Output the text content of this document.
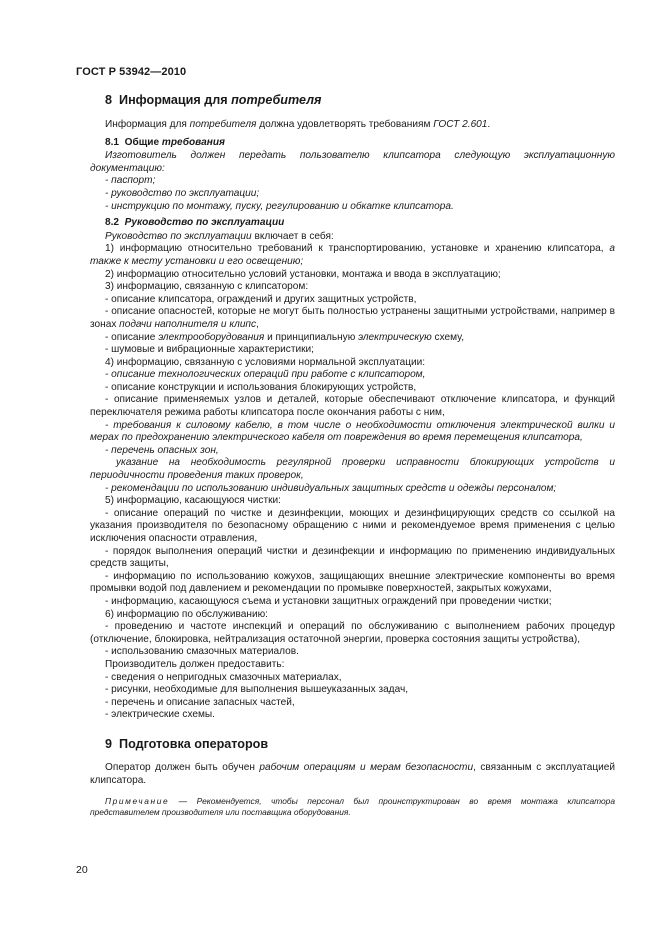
ГОСТ Р 53942—2010
8 Информация для потребителя

Информация для потребителя должна удовлетворять требованиям ГОСТ 2.601.

8.1 Общие требования

Изготовитель должен передать пользователю клипсатора следующую эксплуатационную документацию:

- паспорт;

- руководство по эксплуатации;

- инструкцию по монтажу, пуску, регулированию и обкатке клипсатора.

8.2 Руководство по эксплуатации

Руководство по эксплуатации включает в себя:

1) информацию относительно требований к транспортированию, установке и хранению клипсатора, а также к месту установки и его освещению;

2) информацию относительно условий установки, монтажа и ввода в эксплуатацию;

3) информацию, связанную с клипсатором:

- описание клипсатора, ограждений и других защитных устройств,

- описание опасностей, которые не могут быть полностью устранены защитными устройствами, например в зонах подачи наполнителя и клипс,

- описание электрооборудования и принципиальную электрическую схему,

- шумовые и вибрационные характеристики;

4) информацию, связанную с условиями нормальной эксплуатации:

- описание технологических операций при работе с клипсатором,

- описание конструкции и использования блокирующих устройств,

- описание применяемых узлов и деталей, которые обеспечивают отключение клипсатора, и функций переключателя режима работы клипсатора после окончания работы с ним,

- требования к силовому кабелю, в том числе о необходимости отключения электрической вилки и мерах по предохранению электрического кабеля от повреждения во время перемещения клипсатора,

- перечень опасных зон,

указание на необходимость регулярной проверки исправности блокирующих устройств и периодичности проведения таких проверок,

- рекомендации по использованию индивидуальных защитных средств и одежды персоналом;

5) информацию, касающуюся чистки:

- описание операций по чистке и дезинфекции, моющих и дезинфицирующих средств со ссылкой на указания производителя по безопасному обращению с ними и рекомендуемое время применения с целью исключения опасности отравления,

- порядок выполнения операций чистки и дезинфекции и информацию по применению индивидуальных средств защиты,

- информацию по использованию кожухов, защищающих внешние электрические компоненты во время промывки водой под давлением и рекомендации по промывке поверхностей, закрытых кожухами,

- информацию, касающуюся съема и установки защитных ограждений при проведении чистки;

6) информацию по обслуживанию:

- проведению и частоте инспекций и операций по обслуживанию с выполнением рабочих процедур (отключение, блокировка, нейтрализация остаточной энергии, проверка состояния защиты устройства),

- использованию смазочных материалов.

Производитель должен предоставить:

- сведения о непригодных смазочных материалах,

- рисунки, необходимые для выполнения вышеуказанных задач,

- перечень и описание запасных частей,

- электрические схемы.

9 Подготовка операторов

Оператор должен быть обучен рабочим операциям и мерам безопасности, связанным с эксплуатацией клипсатора.

Примечание — Рекомендуется, чтобы персонал был проинструктирован во время монтажа клипсатора представителем производителя или поставщика оборудования.

20
